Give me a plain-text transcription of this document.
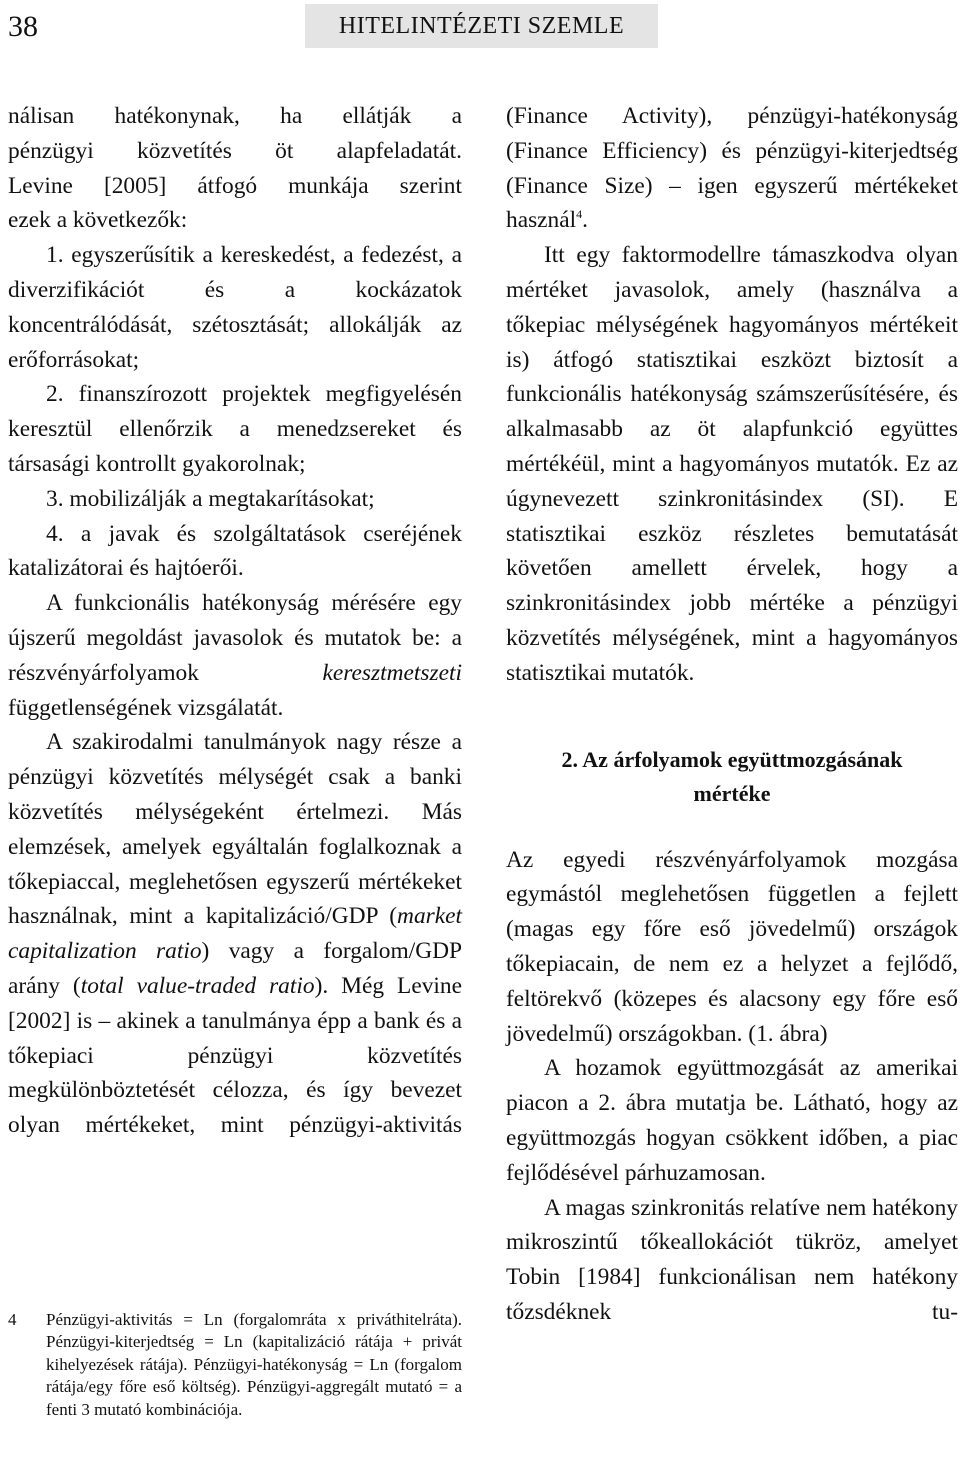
38	HITELINTÉZETI SZEMLE

nálisan hatékonynak, ha ellátják a

pénzügyi közvetítés öt alapfeladatát.

Levine [2005] átfogó munkája szerint

ezek a következők:

1. egyszerűsítik a kereskedést, a fedezést, a diverzifikációt és a kockázatok koncentrálódását, szétosztását; allokálják az erőforrásokat;

2. finanszírozott projektek megfigyelésén keresztül ellenőrzik a menedzsereket és társasági kontrollt gyakorolnak;

3. mobilizálják a megtakarításokat;

4. a javak és szolgáltatások cseréjének katalizátorai és hajtóerői.

A funkcionális hatékonyság mérésére egy újszerű megoldást javasolok és mutatok be: a részvényárfolyamok keresztmetszeti függetlenségének vizsgálatát.

A szakirodalmi tanulmányok nagy része a pénzügyi közvetítés mélységét csak a banki közvetítés mélységeként értelmezi. Más elemzések, amelyek egyáltalán foglalkoznak a tőkepiaccal, meglehetősen egyszerű mértékeket használnak, mint a kapitalizáció/GDP (market capitalization ratio) vagy a forgalom/GDP arány (total value-traded ratio). Még Levine [2002] is – akinek a tanulmánya épp a bank és a tőkepiaci pénzügyi közvetítés megkülönböztetését célozza, és így bevezet olyan mértékeket, mint pénzügyi-aktivitás

4 Pénzügyi-aktivitás = Ln (forgalomráta x priváthitelráta). Pénzügyi-kiterjedtség = Ln (kapitalizáció rátája + privát kihelyezések rátája). Pénzügyi-hatékonyság = Ln (forgalom rátája/egy főre eső költség). Pénzügyi-aggregált mutató = a fenti 3 mutató kombinációja.

(Finance Activity), pénzügyi-hatékonyság (Finance Efficiency) és pénzügyi-kiterjedtség (Finance Size) – igen egyszerű mértékeket használ$^4$.

Itt egy faktormodellre támaszkodva olyan mértéket javasolok, amely (használva a tőkepiac mélységének hagyományos mértékeit is) átfogó statisztikai eszközt biztosít a funkcionális hatékonyság számszerűsítésére, és alkalmasabb az öt alapfunkció együttes mértékéül, mint a hagyományos mutatók. Ez az úgynevezett szinkronitásindex (SI). E statisztikai eszköz részletes bemutatását követően amellett érvelek, hogy a szinkronitásindex jobb mértéke a pénzügyi közvetítés mélységének, mint a hagyományos statisztikai mutatók.

2. Az árfolyamok együttmozgásának
mértéke

Az egyedi részvényárfolyamok mozgása egymástól meglehetősen független a fejlett (magas egy főre eső jövedelmű) országok tőkepiacain, de nem ez a helyzet a fejlődő, feltörekvő (közepes és alacsony egy főre eső jövedelmű) országokban. (1. ábra)

A hozamok együttmozgását az amerikai piacon a 2. ábra mutatja be. Látható, hogy az együttmozgás hogyan csökkent időben, a piac fejlődésével párhuzamosan.

A magas szinkronitás relatíve nem hatékony mikroszintű tőkeallokációt tükröz, amelyet Tobin [1984] funkcionálisan nem hatékony tőzsdéknek tu-
